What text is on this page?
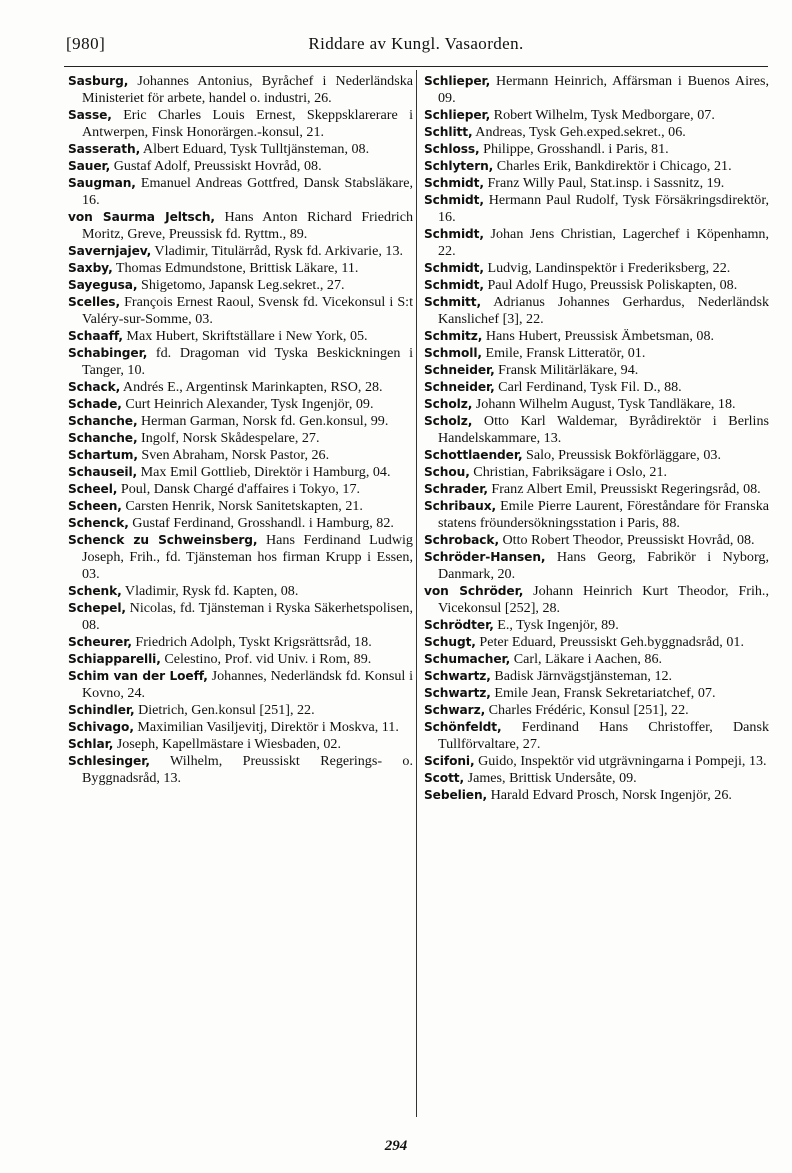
[980]	Riddare av Kungl. Vasaorden.
Sasburg, Johannes Antonius, Byråchef i Nederländska Ministeriet för arbete, handel o. industri, 26.
Sasse, Eric Charles Louis Ernest, Skeppsklarerare i Antwerpen, Finsk Honorärgen.-konsul, 21.
Sasserath, Albert Eduard, Tysk Tulltjänsteman, 08.
Sauer, Gustaf Adolf, Preussiskt Hovråd, 08.
Saugman, Emanuel Andreas Gottfred, Dansk Stabsläkare, 16.
von Saurma Jeltsch, Hans Anton Richard Friedrich Moritz, Greve, Preussisk fd. Ryttm., 89.
Savernjajev, Vladimir, Titulärråd, Rysk fd. Arkivarie, 13.
Saxby, Thomas Edmundstone, Brittisk Läkare, 11.
Sayegusa, Shigetomo, Japansk Leg.sekret., 27.
Scelles, François Ernest Raoul, Svensk fd. Vicekonsul i S:t Valéry-sur-Somme, 03.
Schaaff, Max Hubert, Skriftställare i New York, 05.
Schabinger, fd. Dragoman vid Tyska Beskickningen i Tanger, 10.
Schack, Andrés E., Argentinsk Marinkapten, RSO, 28.
Schade, Curt Heinrich Alexander, Tysk Ingenjör, 09.
Schanche, Herman Garman, Norsk fd. Gen.konsul, 99.
Schanche, Ingolf, Norsk Skådespelare, 27.
Schartum, Sven Abraham, Norsk Pastor, 26.
Schauseil, Max Emil Gottlieb, Direktör i Hamburg, 04.
Scheel, Poul, Dansk Chargé d'affaires i Tokyo, 17.
Scheen, Carsten Henrik, Norsk Sanitetskapten, 21.
Schenck, Gustaf Ferdinand, Grosshandl. i Hamburg, 82.
Schenck zu Schweinsberg, Hans Ferdinand Ludwig Joseph, Frih., fd. Tjänsteman hos firman Krupp i Essen, 03.
Schenk, Vladimir, Rysk fd. Kapten, 08.
Schepel, Nicolas, fd. Tjänsteman i Ryska Säkerhetspolisen, 08.
Scheurer, Friedrich Adolph, Tyskt Krigsrättsråd, 18.
Schiapparelli, Celestino, Prof. vid Univ. i Rom, 89.
Schim van der Loeff, Johannes, Nederländsk fd. Konsul i Kovno, 24.
Schindler, Dietrich, Gen.konsul [251], 22.
Schivago, Maximilian Vasiljevitj, Direktör i Moskva, 11.
Schlar, Joseph, Kapellmästare i Wiesbaden, 02.
Schlesinger, Wilhelm, Preussiskt Regerings- o. Byggnadsråd, 13.
Schlieper, Hermann Heinrich, Affärsman i Buenos Aires, 09.
Schlieper, Robert Wilhelm, Tysk Medborgare, 07.
Schlitt, Andreas, Tysk Geh.exped.sekret., 06.
Schloss, Philippe, Grosshandl. i Paris, 81.
Schlytern, Charles Erik, Bankdirektör i Chicago, 21.
Schmidt, Franz Willy Paul, Stat.insp. i Sassnitz, 19.
Schmidt, Hermann Paul Rudolf, Tysk Försäkringsdirektör, 16.
Schmidt, Johan Jens Christian, Lagerchef i Köpenhamn, 22.
Schmidt, Ludvig, Landinspektör i Frederiksberg, 22.
Schmidt, Paul Adolf Hugo, Preussisk Poliskapten, 08.
Schmitt, Adrianus Johannes Gerhardus, Nederländsk Kanslichef [3], 22.
Schmitz, Hans Hubert, Preussisk Ämbetsman, 08.
Schmoll, Emile, Fransk Litteratör, 01.
Schneider, Fransk Militärläkare, 94.
Schneider, Carl Ferdinand, Tysk Fil. D., 88.
Scholz, Johann Wilhelm August, Tysk Tandläkare, 18.
Scholz, Otto Karl Waldemar, Byrådirektör i Berlins Handelskammare, 13.
Schottlaender, Salo, Preussisk Bokförläggare, 03.
Schou, Christian, Fabriksägare i Oslo, 21.
Schrader, Franz Albert Emil, Preussiskt Regeringsråd, 08.
Schribaux, Emile Pierre Laurent, Föreståndare för Franska statens fröundersökningsstation i Paris, 88.
Schroback, Otto Robert Theodor, Preussiskt Hovråd, 08.
Schröder-Hansen, Hans Georg, Fabrikör i Nyborg, Danmark, 20.
von Schröder, Johann Heinrich Kurt Theodor, Frih., Vicekonsul [252], 28.
Schrödter, E., Tysk Ingenjör, 89.
Schugt, Peter Eduard, Preussiskt Geh.byggnadsråd, 01.
Schumacher, Carl, Läkare i Aachen, 86.
Schwartz, Badisk Järnvägstjänsteman, 12.
Schwartz, Emile Jean, Fransk Sekretariatchef, 07.
Schwarz, Charles Frédéric, Konsul [251], 22.
Schönfeldt, Ferdinand Hans Christoffer, Dansk Tullförvaltare, 27.
Scifoni, Guido, Inspektör vid utgrävningarna i Pompeji, 13.
Scott, James, Brittisk Undersåte, 09.
Sebelien, Harald Edvard Prosch, Norsk Ingenjör, 26.
294
